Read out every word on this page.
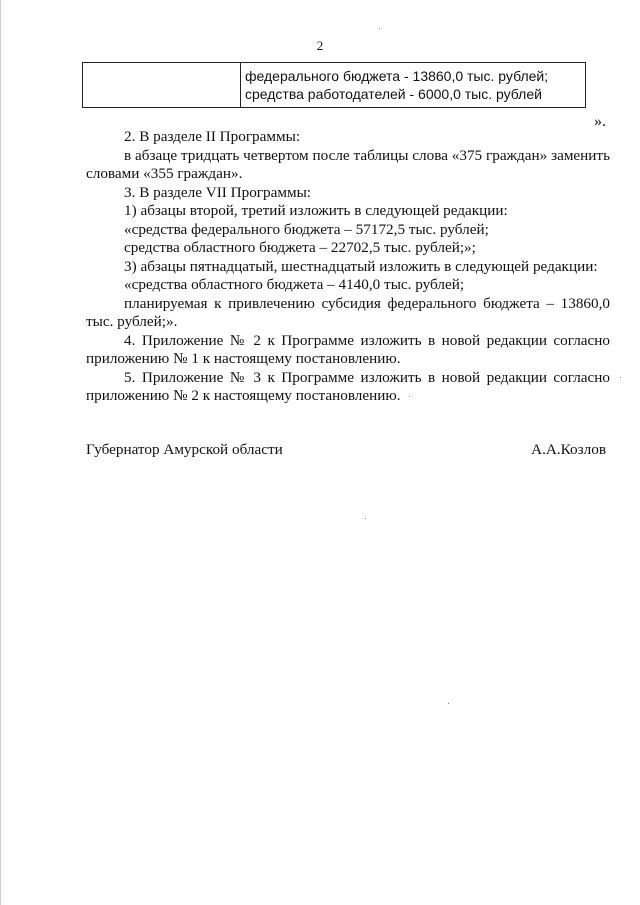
2
федерального бюджета - 13860,0 тыс. рублей;
средства работодателей - 6000,0 тыс. рублей
».

2. В разделе II Программы:

в абзаце тридцать четвертом после таблицы слова «375 граждан» заменить словами «355 граждан».

3. В разделе VII Программы:

1) абзацы второй, третий изложить в следующей редакции:

«средства федерального бюджета – 57172,5 тыс. рублей;

средства областного бюджета – 22702,5 тыс. рублей;»;

3) абзацы пятнадцатый, шестнадцатый изложить в следующей редакции:

«средства областного бюджета – 4140,0 тыс. рублей;

планируемая к привлечению субсидия федерального бюджета – 13860,0 тыс. рублей;».

4. Приложение № 2 к Программе изложить в новой редакции согласно приложению № 1 к настоящему постановлению.

5. Приложение № 3 к Программе изложить в новой редакции согласно приложению № 2 к настоящему постановлению.

Губернатор Амурской области	А.А.Козлов
